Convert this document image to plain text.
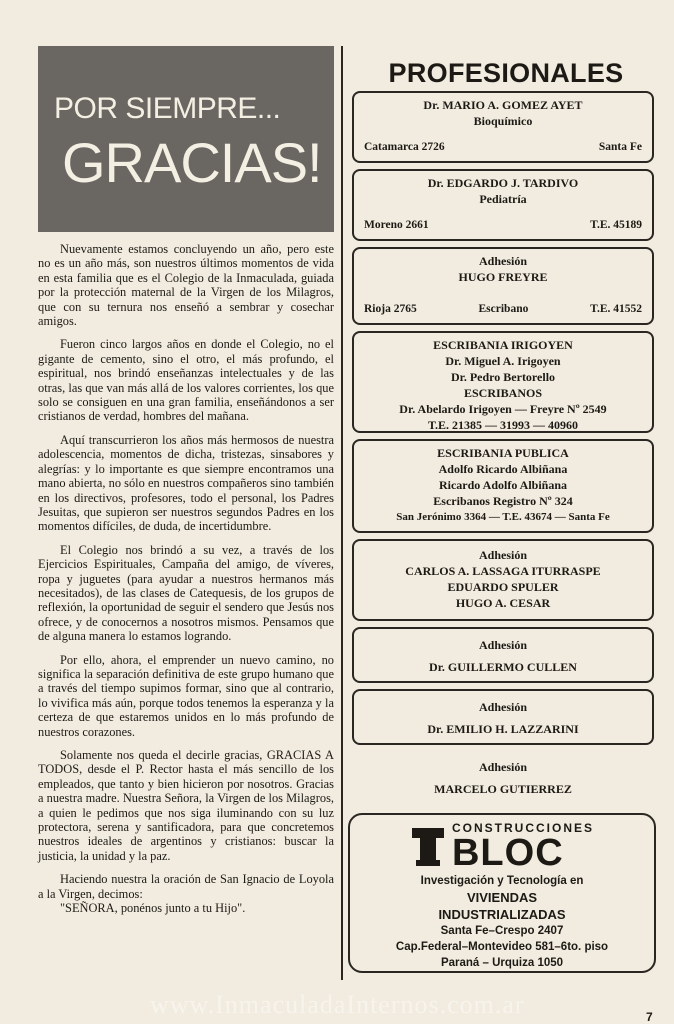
POR SIEMPRE...
GRACIAS!

Nuevamente estamos concluyendo un año, pero este no es un año más, son nuestros últimos momentos de vida en esta familia que es el Colegio de la Inmaculada, guiada por la protección maternal de la Virgen de los Milagros, que con su ternura nos enseñó a sembrar y cosechar amigos.

Fueron cinco largos años en donde el Colegio, no el gigante de cemento, sino el otro, el más profundo, el espiritual, nos brindó enseñanzas intelectuales y de las otras, las que van más allá de los valores corrientes, los que solo se consiguen en una gran familia, enseñándonos a ser cristianos de verdad, hombres del mañana.

Aquí transcurrieron los años más hermosos de nuestra adolescencia, momentos de dicha, tristezas, sinsabores y alegrías: y lo importante es que siempre encontramos una mano abierta, no sólo en nuestros compañeros sino también en los directivos, profesores, todo el personal, los Padres Jesuitas, que supieron ser nuestros segundos Padres en los momentos difíciles, de duda, de incertidumbre.

El Colegio nos brindó a su vez, a través de los Ejercicios Espirituales, Campaña del amigo, de víveres, ropa y juguetes (para ayudar a nuestros hermanos más necesitados), de las clases de Catequesis, de los grupos de reflexión, la oportunidad de seguir el sendero que Jesús nos ofrece, y de conocernos a nosotros mismos. Pensamos que de alguna manera lo estamos logrando.

Por ello, ahora, el emprender un nuevo camino, no significa la separación definitiva de este grupo humano que a través del tiempo supimos formar, sino que al contrario, lo vivifica más aún, porque todos tenemos la esperanza y la certeza de que estaremos unidos en lo más profundo de nuestros corazones.

Solamente nos queda el decirle gracias, GRACIAS A TODOS, desde el P. Rector hasta el más sencillo de los empleados, que tanto y bien hicieron por nosotros. Gracias a nuestra madre. Nuestra Señora, la Virgen de los Milagros, a quien le pedimos que nos siga iluminando con su luz protectora, serena y santificadora, para que concretemos nuestros ideales de argentinos y cristianos: buscar la justicia, la unidad y la paz.

Haciendo nuestra la oración de San Ignacio de Loyola a la Virgen, decimos:

"SEÑORA, ponénos junto a tu Hijo".

PROFESIONALES
Dr. MARIO A. GOMEZ AYET
Bioquímico
Catamarca 2726	Santa Fe
Dr. EDGARDO J. TARDIVO
Pediatría
Moreno 2661	T.E. 45189
Adhesión
HUGO FREYRE
Rioja 2765	Escribano	T.E. 41552
ESCRIBANIA IRIGOYEN
Dr. Miguel A. Irigoyen
Dr. Pedro Bertorello
ESCRIBANOS
Dr. Abelardo Irigoyen — Freyre Nº 2549
T.E. 21385 — 31993 — 40960
ESCRIBANIA PUBLICA
Adolfo Ricardo Albiñana
Ricardo Adolfo Albiñana
Escribanos Registro Nº 324
San Jerónimo 3364 — T.E. 43674 — Santa Fe
Adhesión
CARLOS A. LASSAGA ITURRASPE
EDUARDO SPULER
HUGO A. CESAR
Adhesión
Dr. GUILLERMO CULLEN
Adhesión
Dr. EMILIO H. LAZZARINI
Adhesión
MARCELO GUTIERREZ
CONSTRUCCIONES
BLOC
Investigación y Tecnología en
VIVIENDAS
INDUSTRIALIZADAS
Santa Fe–Crespo 2407
Cap.Federal–Montevideo 581–6to. piso
Paraná – Urquiza 1050
www.InmaculadaInternos.com.ar	7
